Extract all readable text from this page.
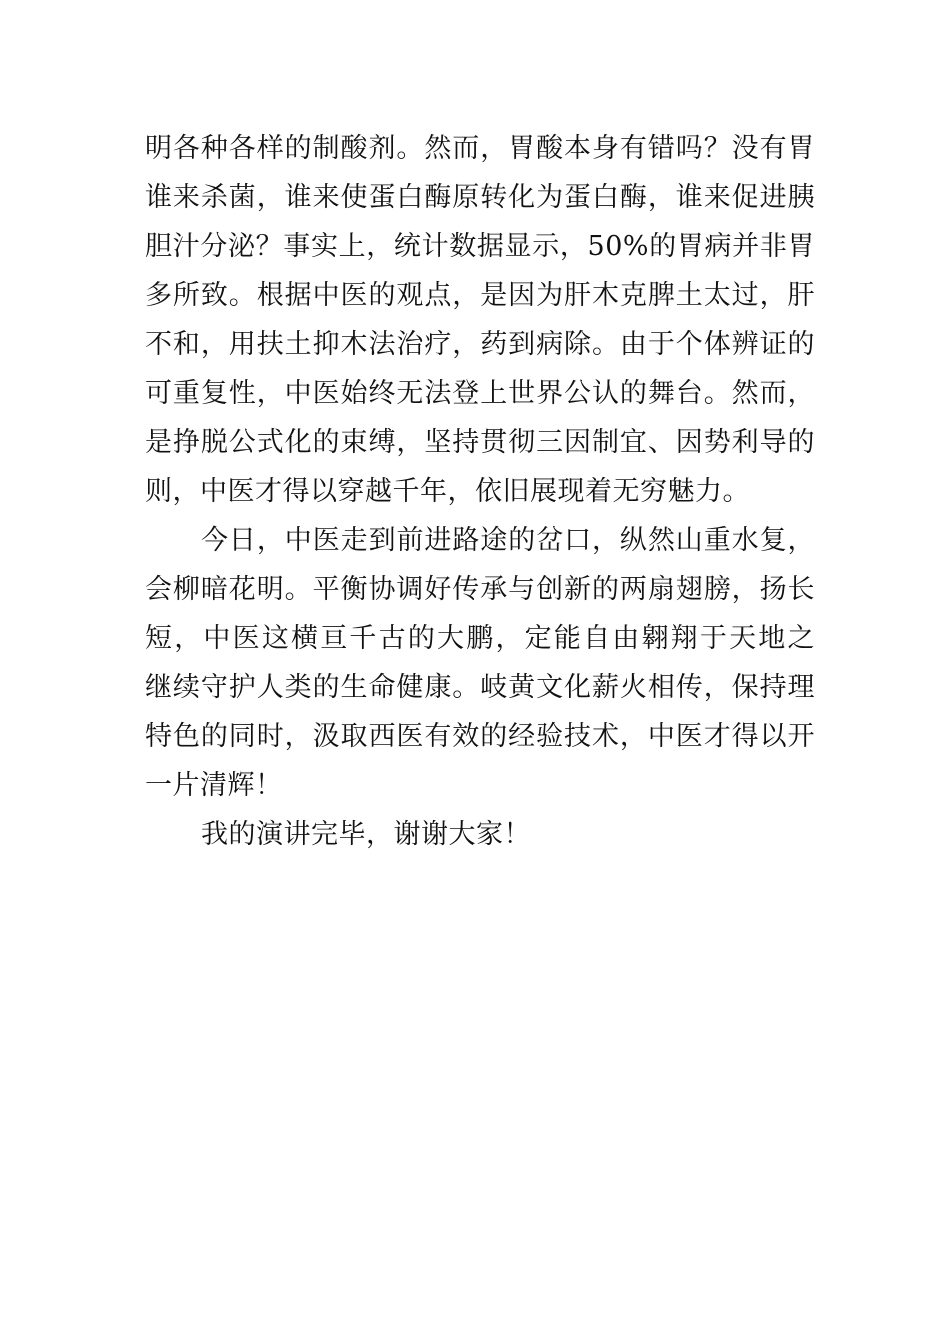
明各种各样的制酸剂。然而，胃酸本身有错吗？没有胃
谁来杀菌，谁来使蛋白酶原转化为蛋白酶，谁来促进胰
胆汁分泌？事实上，统计数据显示，50%的胃病并非胃
多所致。根据中医的观点，是因为肝木克脾土太过，肝
不和，用扶土抑木法治疗，药到病除。由于个体辨证的
可重复性，中医始终无法登上世界公认的舞台。然而，
是挣脱公式化的束缚，坚持贯彻三因制宜、因势利导的
则，中医才得以穿越千年，依旧展现着无穷魅力。
今日，中医走到前进路途的岔口，纵然山重水复，
会柳暗花明。平衡协调好传承与创新的两扇翅膀，扬长
短，中医这横亘千古的大鹏，定能自由翱翔于天地之
继续守护人类的生命健康。岐黄文化薪火相传，保持理
特色的同时，汲取西医有效的经验技术，中医才得以开
一片清辉！
我的演讲完毕，谢谢大家！
